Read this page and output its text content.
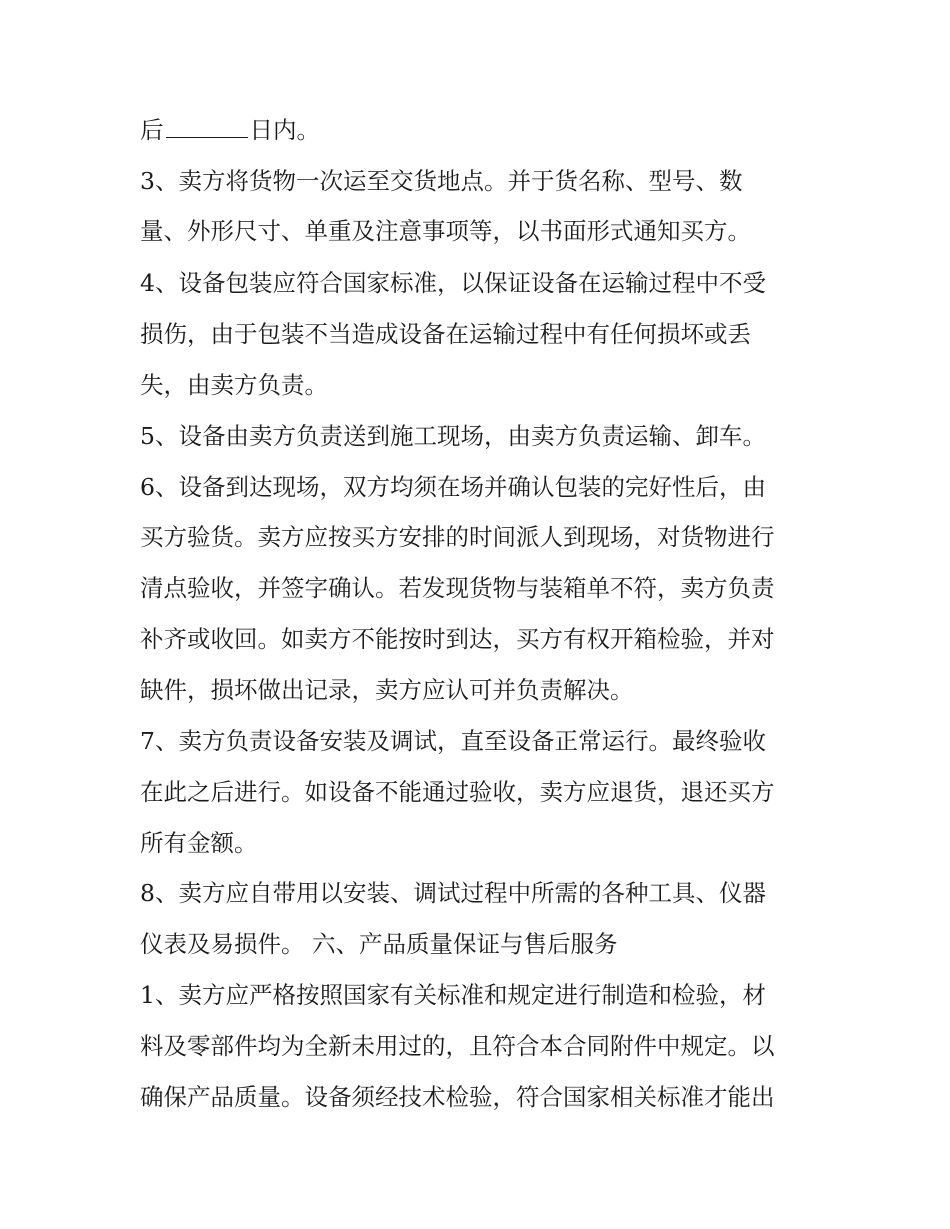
后	日内。
3、卖方将货物一次运至交货地点。并于货名称、型号、数
量、外形尺寸、单重及注意事项等，以书面形式通知买方。
4、设备包装应符合国家标准，以保证设备在运输过程中不受
损伤，由于包装不当造成设备在运输过程中有任何损坏或丢
失，由卖方负责。
5、设备由卖方负责送到施工现场，由卖方负责运输、卸车。
6、设备到达现场，双方均须在场并确认包装的完好性后，由
买方验货。卖方应按买方安排的时间派人到现场，对货物进行
清点验收，并签字确认。若发现货物与装箱单不符，卖方负责
补齐或收回。如卖方不能按时到达，买方有权开箱检验，并对
缺件，损坏做出记录，卖方应认可并负责解决。
7、卖方负责设备安装及调试，直至设备正常运行。最终验收
在此之后进行。如设备不能通过验收，卖方应退货，退还买方
所有金额。
8、卖方应自带用以安装、调试过程中所需的各种工具、仪器
仪表及易损件。 六、产品质量保证与售后服务
1、卖方应严格按照国家有关标准和规定进行制造和检验，材
料及零部件均为全新未用过的，且符合本合同附件中规定。以
确保产品质量。设备须经技术检验，符合国家相关标准才能出
